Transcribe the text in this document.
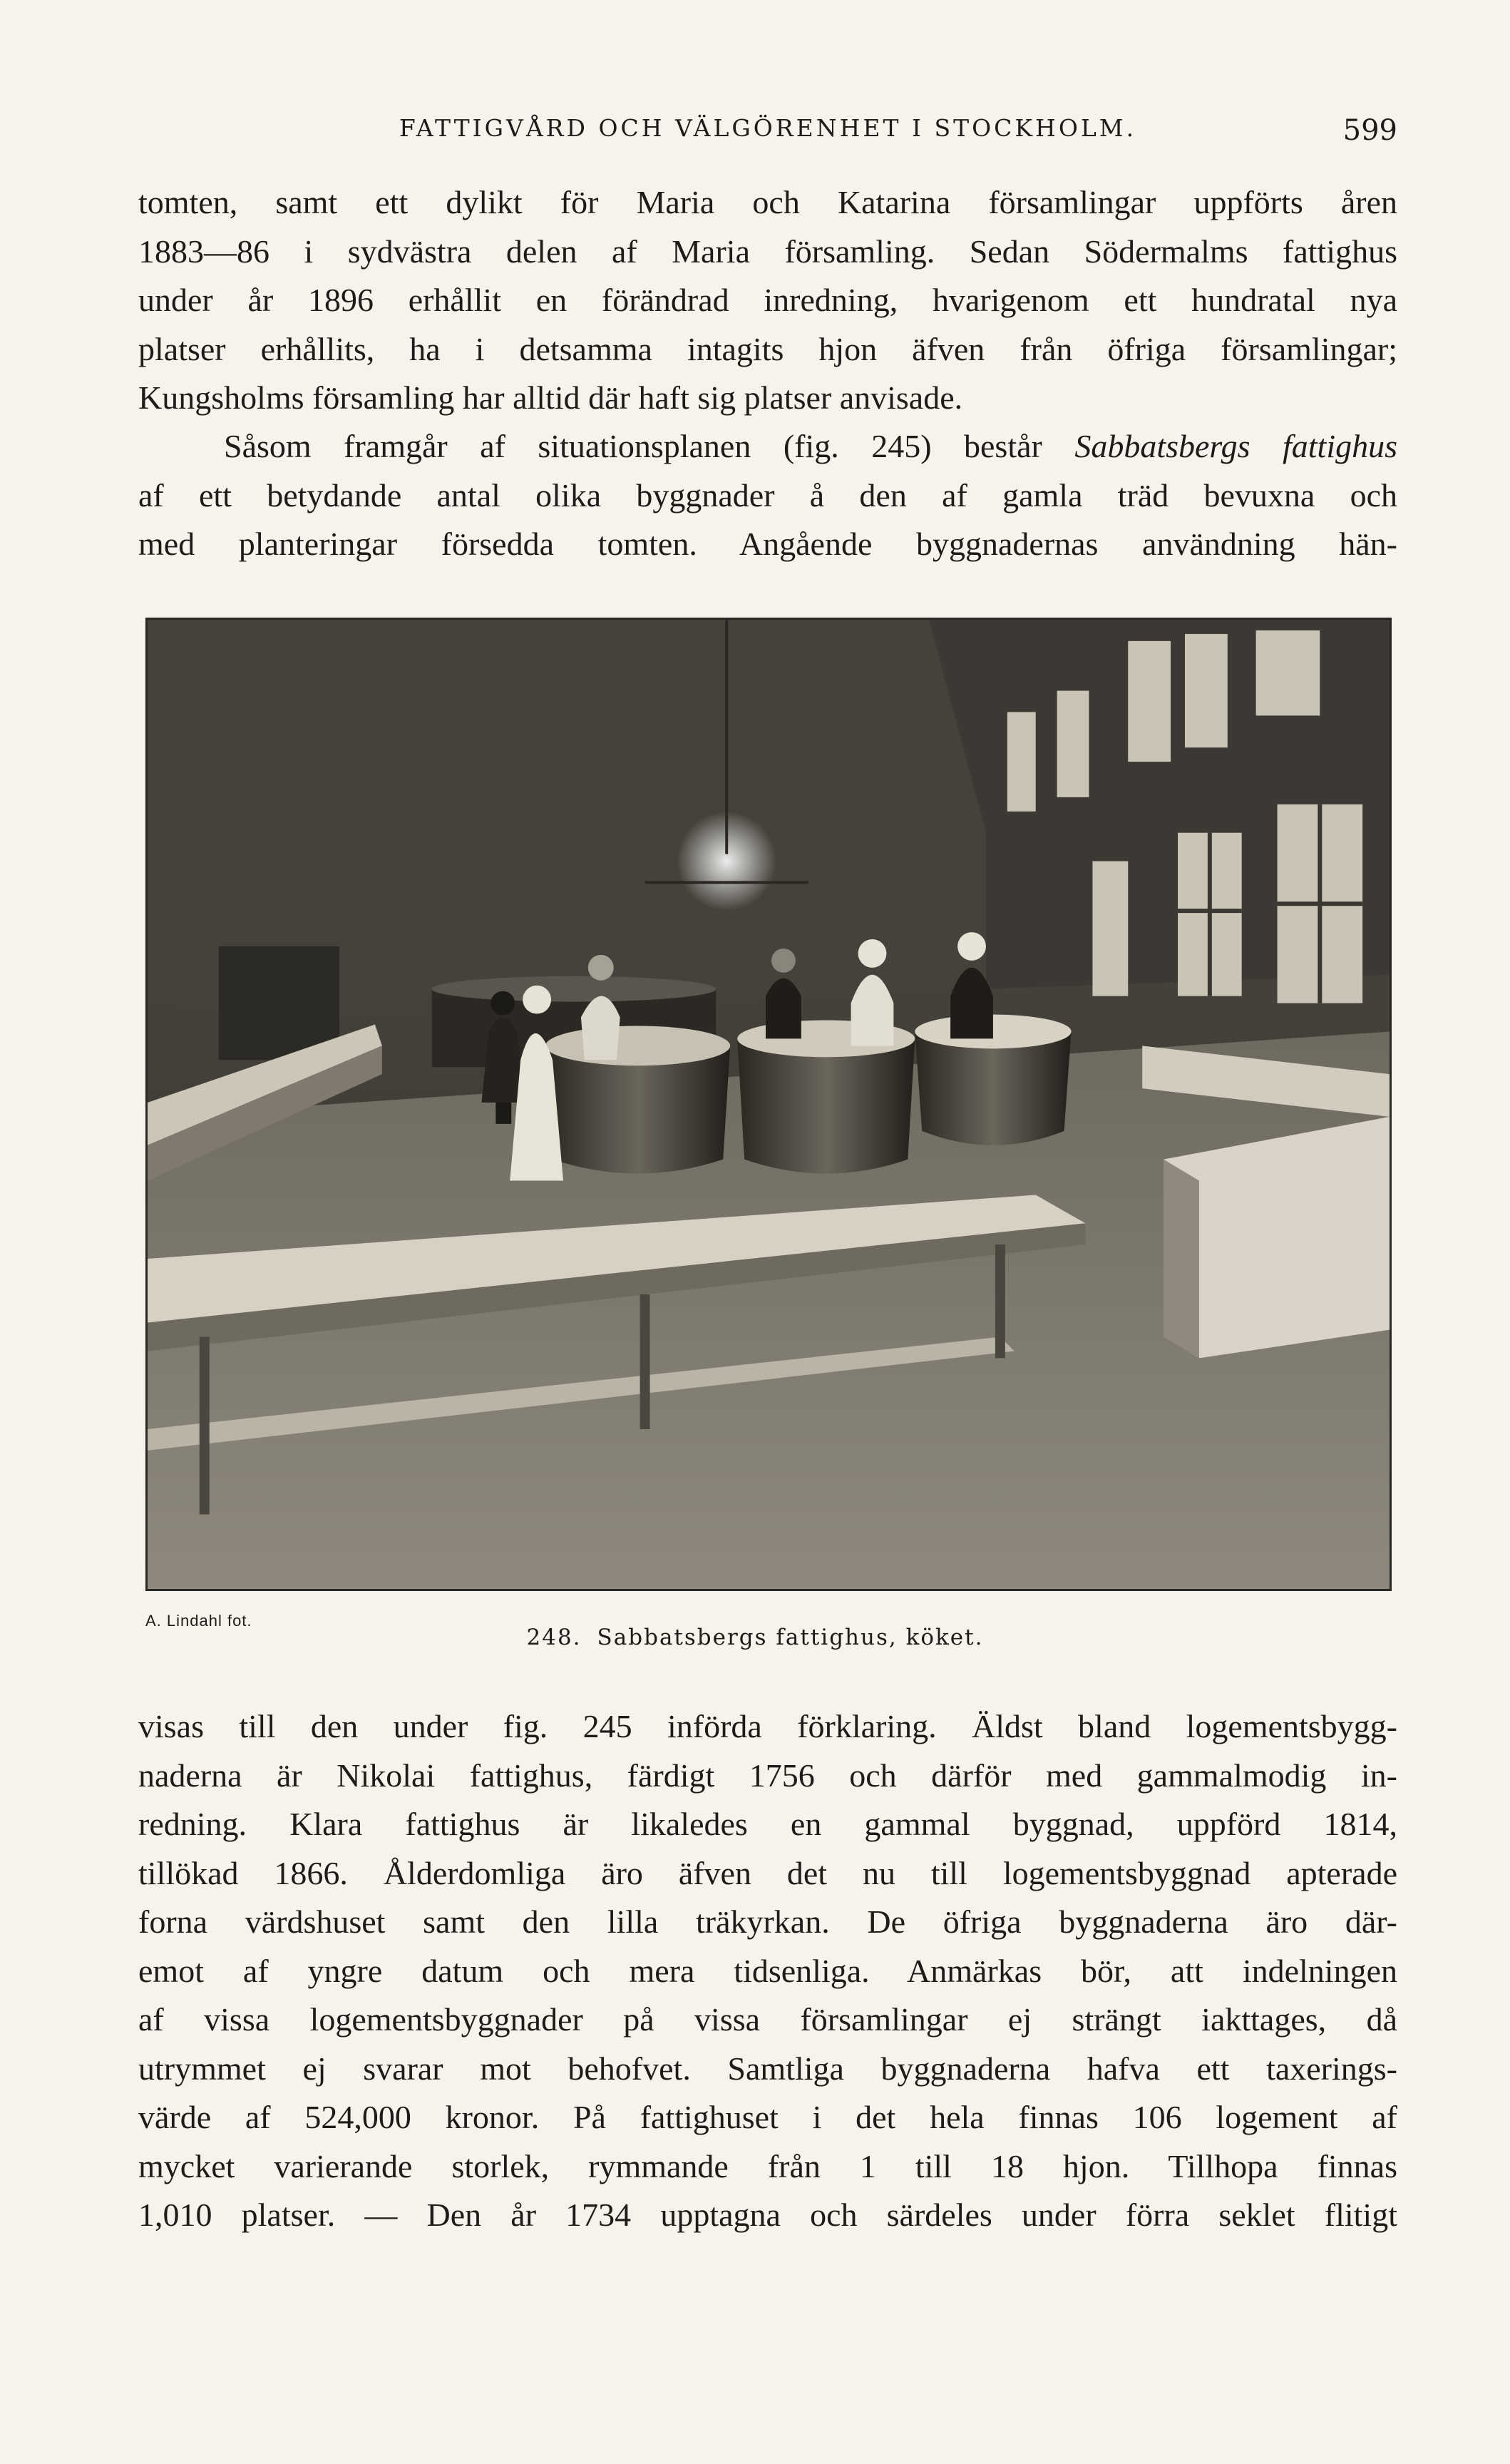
FATTIGVÅRD OCH VÄLGÖRENHET I STOCKHOLM.	599
tomten, samt ett dylikt för Maria och Katarina församlingar uppförts åren
1883—86 i sydvästra delen af Maria församling. Sedan Södermalms fattighus
under år 1896 erhållit en förändrad inredning, hvarigenom ett hundratal nya
platser erhållits, ha i detsamma intagits hjon äfven från öfriga församlingar;
Kungsholms församling har alltid där haft sig platser anvisade.
Såsom framgår af situationsplanen (fig. 245) består Sabbatsbergs fattighus
af ett betydande antal olika byggnader å den af gamla träd bevuxna och
med planteringar försedda tomten. Angående byggnadernas användning hän-
A. Lindahl fot.
248. Sabbatsbergs fattighus, köket.
visas till den under fig. 245 införda förklaring. Äldst bland logementsbygg-
naderna är Nikolai fattighus, färdigt 1756 och därför med gammalmodig in-
redning. Klara fattighus är likaledes en gammal byggnad, uppförd 1814,
tillökad 1866. Ålderdomliga äro äfven det nu till logementsbyggnad apterade
forna värdshuset samt den lilla träkyrkan. De öfriga byggnaderna äro där-
emot af yngre datum och mera tidsenliga. Anmärkas bör, att indelningen
af vissa logementsbyggnader på vissa församlingar ej strängt iakttages, då
utrymmet ej svarar mot behofvet. Samtliga byggnaderna hafva ett taxerings-
värde af 524,000 kronor. På fattighuset i det hela finnas 106 logement af
mycket varierande storlek, rymmande från 1 till 18 hjon. Tillhopa finnas
1,010 platser. — Den år 1734 upptagna och särdeles under förra seklet flitigt
